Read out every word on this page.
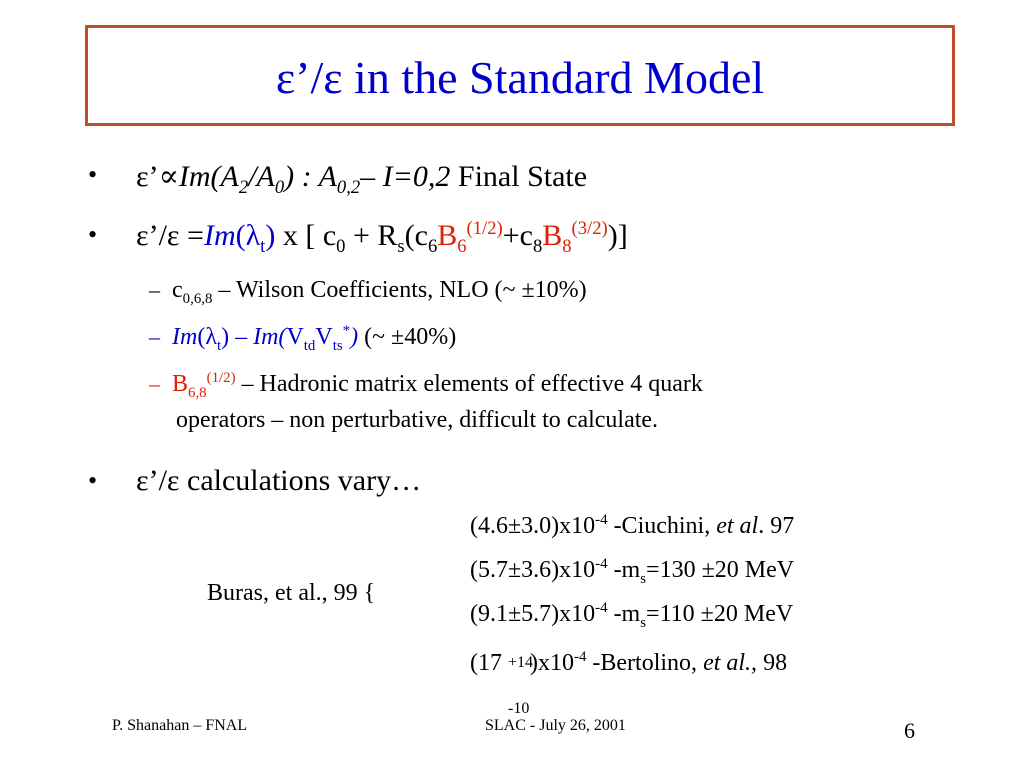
ε’/ε in the Standard Model
• $\varepsilon’\propto Im(A_2/A_0)$ : $A_{0,2}-$ I=0,2 Final State
• ε’/ε $=Im(\lambda_t)$ x [ $c_0 + R_s(c_6B_6^{(1/2)}+c_8B_8^{(3/2)})$]
– $c_{0,6,8}$ – Wilson Coefficients, NLO (~ ±10%)
– $Im(\lambda_t) - Im(V_{td}V_{ts}^*)$ (~ ±40%)
– $B_{6,8}^{(1/2)}$ – Hadronic matrix elements of effective 4 quark
operators – non perturbative, difficult to calculate.
• ε’/ε calculations vary…
Buras, et al., 99 {
$(4.6\pm 3.0)x10^{-4}$ -Ciuchini, et al. 97
$(5.7\pm 3.6)x10^{-4}$ $-m_s=130 \pm 20$ MeV
$(9.1\pm 5.7)x10^{-4}$ $-m_s=110 \pm 20$ MeV
(17 +14
-10
)$x10^{-4}$ -Bertolino, et al., 98
P. Shanahan – FNAL	SLAC - July 26, 2001	6
